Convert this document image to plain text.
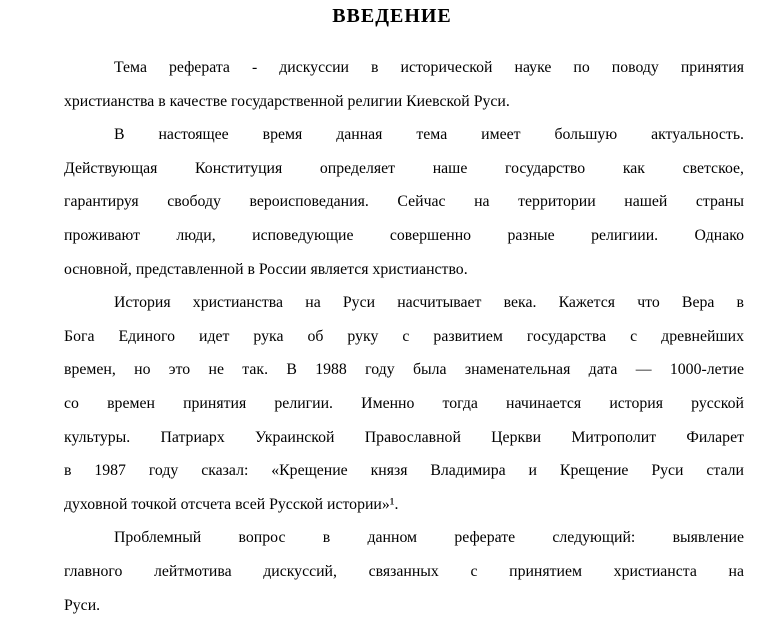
ВВЕДЕНИЕ
Тема реферата - дискуссии в исторической науке по поводу принятия
христианства в качестве государственной религии Киевской Руси.
В настоящее время данная тема имеет большую актуальность.
Действующая Конституция определяет наше государство как светское,
гарантируя свободу вероисповедания. Сейчас на территории нашей страны
проживают люди, исповедующие совершенно разные религиии. Однако
основной, представленной в России является христианство.
История христианства на Руси насчитывает века. Кажется что Вера в
Бога Единого идет рука об руку с развитием государства с древнейших
времен, но это не так. В 1988 году была знаменательная дата — 1000-летие
со времен принятия религии. Именно тогда начинается история русской
культуры. Патриарх Украинской Православной Церкви Митрополит Филарет
в 1987 году сказал: «Крещение князя Владимира и Крещение Руси стали
духовной точкой отсчета всей Русской истории»¹.
Проблемный вопрос в данном реферате следующий: выявление
главного лейтмотива дискуссий, связанных с принятием христианста на
Руси.
